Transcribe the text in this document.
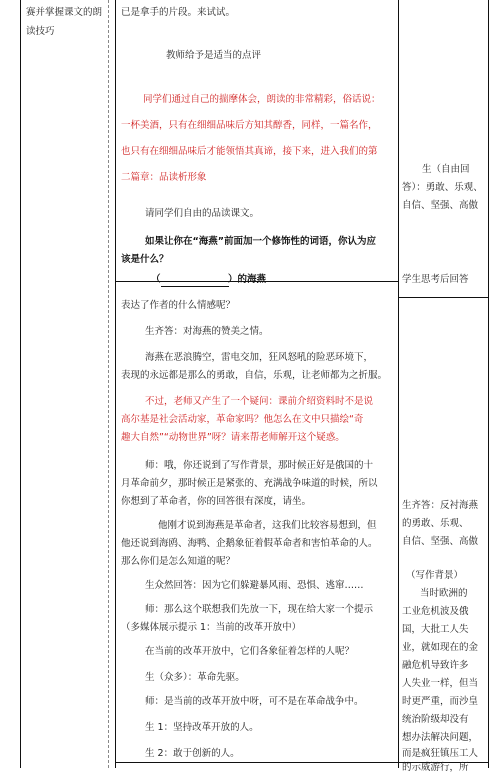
赛并掌握课文的朗
读技巧
已是拿手的片段。来试试。
教师给予是适当的点评
同学们通过自己的揣摩体会，朗读的非常精彩，俗话说：
一杯美酒，只有在细细品味后方知其醇香，同样，一篇名作，
也只有在细细品味后才能领悟其真谛，接下来，进入我们的第
二篇章：品读析形象
请同学们自由的品读课文。
如果让你在“海燕”前面加一个修饰性的词语，你认为应
该是什么？
（	）的海燕
表达了作者的什么情感呢？
生齐答：对海燕的赞美之情。
海燕在恶浪腾空，雷电交加，狂风怒吼的险恶环境下，
表现的永远都是那么的勇敢，自信，乐观，让老师都为之折服。
不过，老师又产生了一个疑问：课前介绍资料时不是说
高尔基是社会活动家，革命家吗？他怎么在文中只描绘“奇
趣大自然”“动物世界”呀？请来帮老师解开这个疑惑。
师：哦，你还说到了写作背景，那时候正好是俄国的十
月革命前夕，那时候正是紧张的、充满战争味道的时候，所以
你想到了革命者，你的回答很有深度，请坐。
他刚才说到海燕是革命者，这我们比较容易想到，但
他还说到海鸥、海鸭、企鹅象征着假革命者和害怕革命的人。
那么你们是怎么知道的呢？
生众然回答：因为它们躲避暴风雨、恐惧、逃窜……
师：那么这个联想我们先放一下，现在给大家一个提示
（多媒体展示提示 1：当前的改革开放中）
在当前的改革开放中，它们各象征着怎样的人呢？
生（众多）：革命先驱。
师：是当前的改革开放中呀，可不是在革命战争中。
生 1：坚持改革开放的人。
生 2：敢于创新的人。
生（自由回
答）：勇敢、乐观、
自信、坚强、高傲
学生思考后回答
生齐答：反衬海燕
的勇敢、乐观、
自信、坚强、高傲
（写作背景）
当时欧洲的
工业危机波及俄
国，大批工人失
业，就如现在的金
融危机导致许多
人失业一样，但当
时更严重，而沙皇
统治阶级却没有
想办法解决问题，
而是疯狂镇压工人
的示威游行，所
